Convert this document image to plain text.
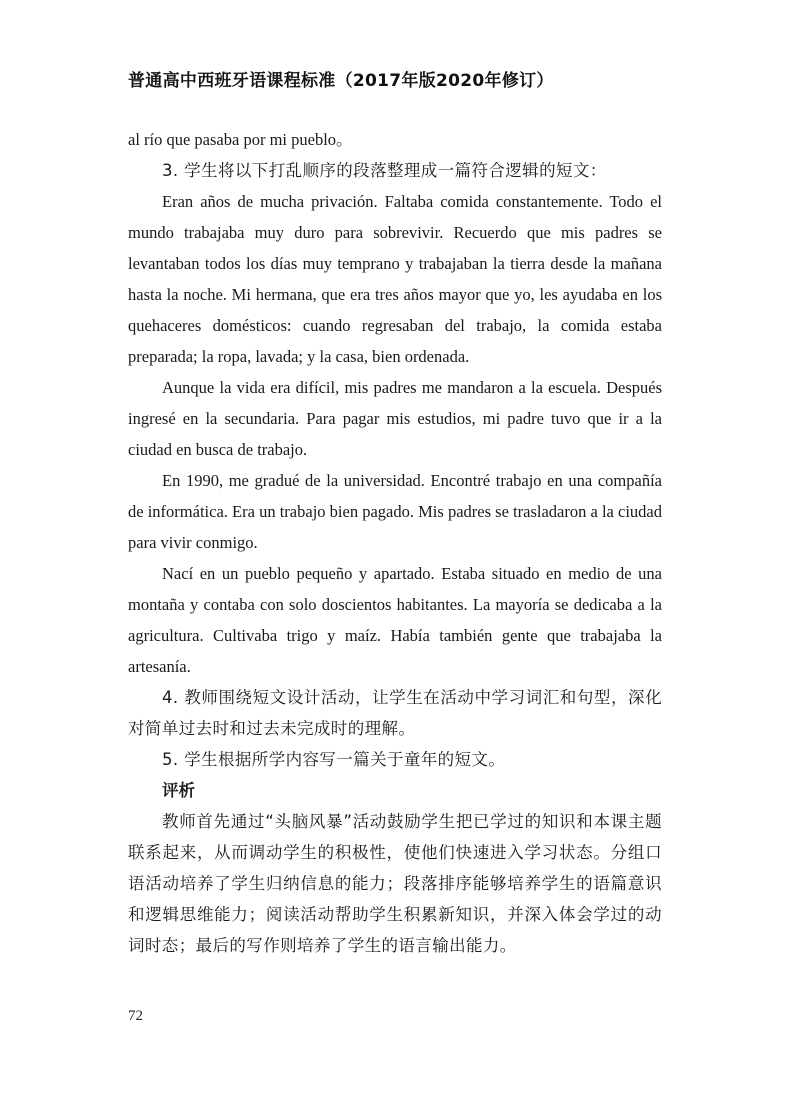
普通高中西班牙语课程标准（2017年版2020年修订）

al río que pasaba por mi pueblo。

3. 学生将以下打乱顺序的段落整理成一篇符合逻辑的短文：

Eran años de mucha privación. Faltaba comida constantemente. Todo el mundo trabajaba muy duro para sobrevivir. Recuerdo que mis padres se levantaban todos los días muy temprano y trabajaban la tierra desde la mañana hasta la noche. Mi hermana, que era tres años mayor que yo, les ayudaba en los quehaceres domésticos: cuando regresaban del trabajo, la comida estaba preparada; la ropa, lavada; y la casa, bien ordenada.

Aunque la vida era difícil, mis padres me mandaron a la escuela. Después ingresé en la secundaria. Para pagar mis estudios, mi padre tuvo que ir a la ciudad en busca de trabajo.

En 1990, me gradué de la universidad. Encontré trabajo en una compañía de informática. Era un trabajo bien pagado. Mis padres se trasladaron a la ciudad para vivir conmigo.

Nací en un pueblo pequeño y apartado. Estaba situado en medio de una montaña y contaba con solo doscientos habitantes. La mayoría se dedicaba a la agricultura. Cultivaba trigo y maíz. Había también gente que trabajaba la artesanía.

4. 教师围绕短文设计活动，让学生在活动中学习词汇和句型，深化对简单过去时和过去未完成时的理解。

5. 学生根据所学内容写一篇关于童年的短文。

评析

教师首先通过“头脑风暴”活动鼓励学生把已学过的知识和本课主题联系起来，从而调动学生的积极性，使他们快速进入学习状态。分组口语活动培养了学生归纳信息的能力；段落排序能够培养学生的语篇意识和逻辑思维能力；阅读活动帮助学生积累新知识，并深入体会学过的动词时态；最后的写作则培养了学生的语言输出能力。

72
